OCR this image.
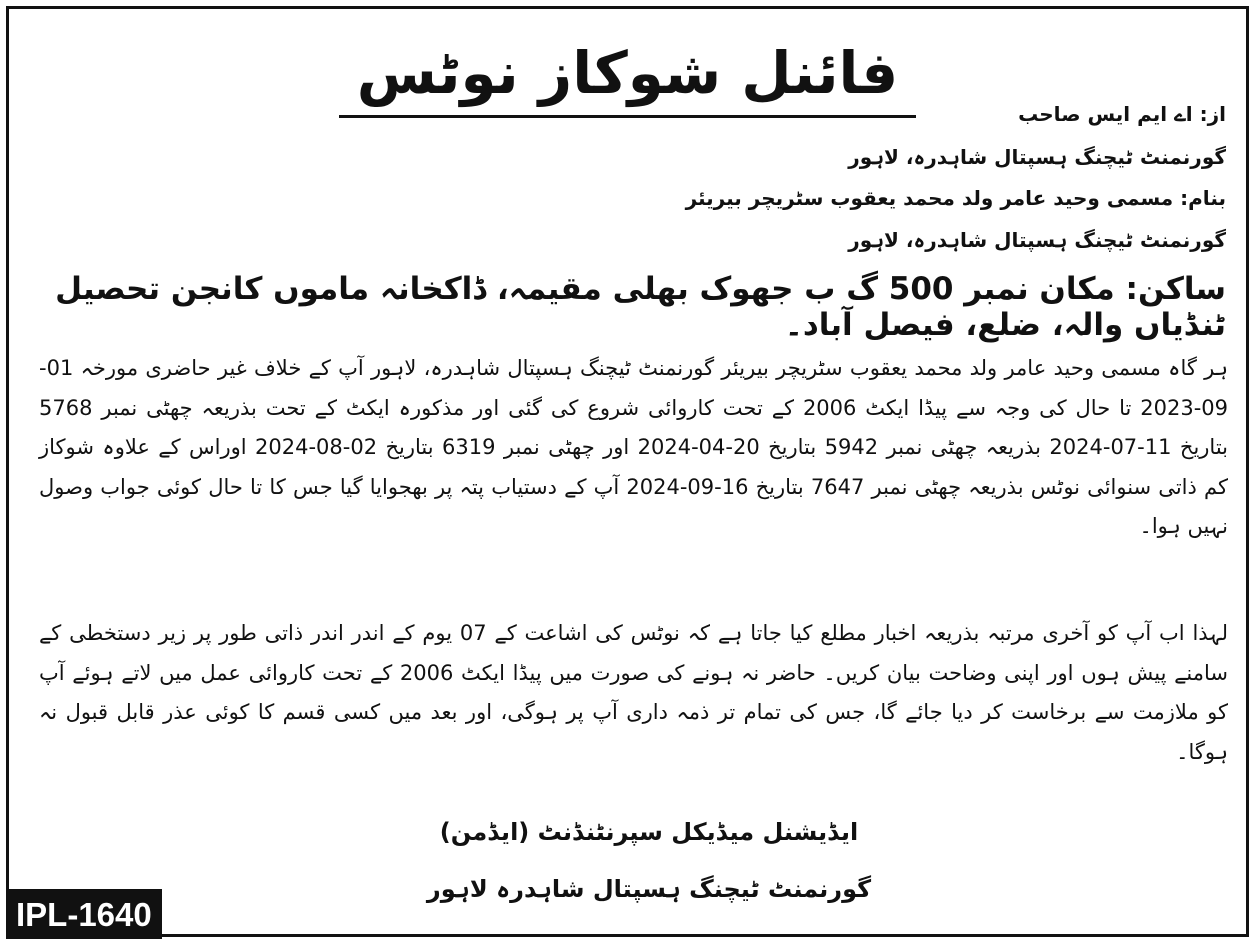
فائنل شوکاز نوٹس
از: اے ایم ایس صاحب
گورنمنٹ ٹیچنگ ہسپتال شاہدرہ، لاہور
بنام: مسمی وحید عامر ولد محمد یعقوب سٹریچر بیریئر
گورنمنٹ ٹیچنگ ہسپتال شاہدرہ، لاہور
ساکن: مکان نمبر 500 گ ب جھوک بھلی مقیمہ، ڈاکخانہ ماموں کانجن تحصیل ٹنڈیاں والہ، ضلع، فیصل آباد۔
ہر گاہ مسمی وحید عامر ولد محمد یعقوب سٹریچر بیریئر گورنمنٹ ٹیچنگ ہسپتال شاہدرہ، لاہور آپ کے خلاف غیر حاضری مورخہ 01-09-2023 تا حال کی وجہ سے پیڈا ایکٹ 2006 کے تحت کاروائی شروع کی گئی اور مذکورہ ایکٹ کے تحت بذریعہ چھٹی نمبر 5768 بتاریخ 11-07-2024 بذریعہ چھٹی نمبر 5942 بتاریخ 20-04-2024 اور چھٹی نمبر 6319 بتاریخ 02-08-2024 اوراس کے علاوہ شوکاز کم ذاتی سنوائی نوٹس بذریعہ چھٹی نمبر 7647 بتاریخ 16-09-2024 آپ کے دستیاب پتہ پر بھجوایا گیا جس کا تا حال کوئی جواب وصول نہیں ہوا۔
لہذا اب آپ کو آخری مرتبہ بذریعہ اخبار مطلع کیا جاتا ہے کہ نوٹس کی اشاعت کے 07 یوم کے اندر اندر ذاتی طور پر زیر دستخطی کے سامنے پیش ہوں اور اپنی وضاحت بیان کریں۔ حاضر نہ ہونے کی صورت میں پیڈا ایکٹ 2006 کے تحت کاروائی عمل میں لاتے ہوئے آپ کو ملازمت سے برخاست کر دیا جائے گا، جس کی تمام تر ذمہ داری آپ پر ہوگی، اور بعد میں کسی قسم کا کوئی عذر قابل قبول نہ ہوگا۔
ایڈیشنل میڈیکل سپرنٹنڈنٹ (ایڈمن)
گورنمنٹ ٹیچنگ ہسپتال شاہدرہ لاہور
IPL-1640
